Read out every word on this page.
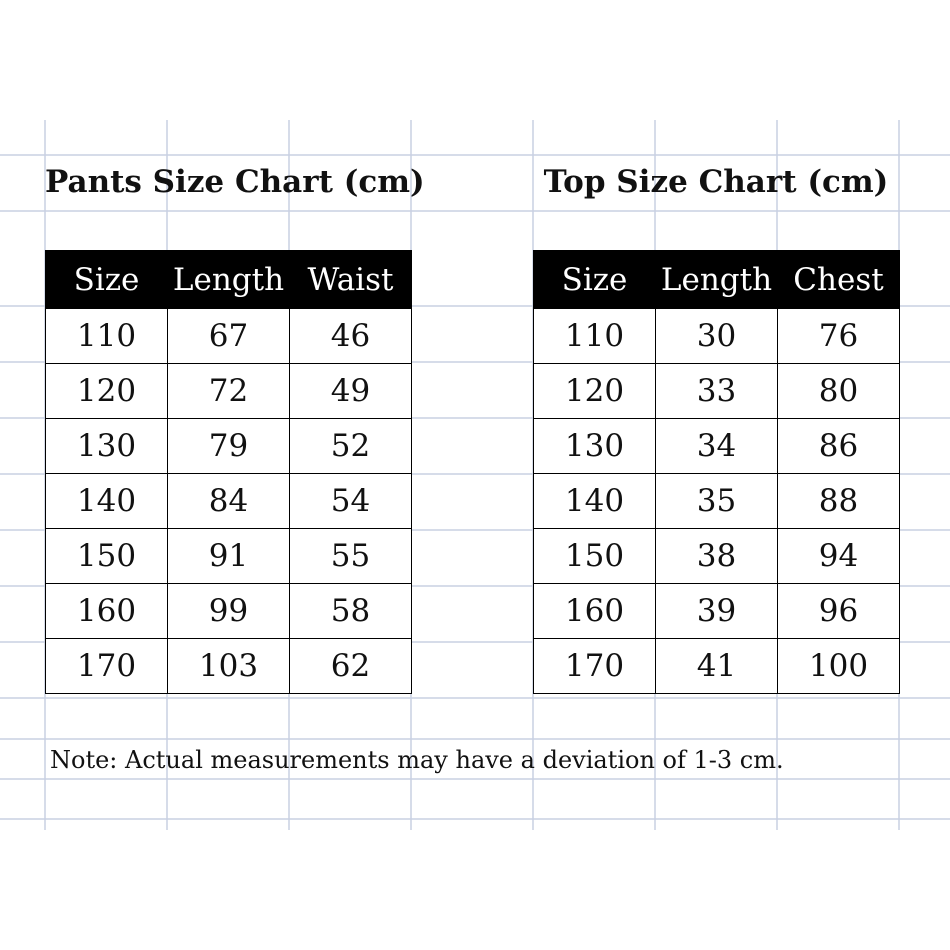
Pants Size Chart (cm)
Size	Length	Waist
110	67	46
120	72	49
130	79	52
140	84	54
150	91	55
160	99	58
170	103	62
Top Size Chart (cm)
Size	Length	Chest
110	30	76
120	33	80
130	34	86
140	35	88
150	38	94
160	39	96
170	41	100

Note: Actual measurements may have a deviation of 1-3 cm.
